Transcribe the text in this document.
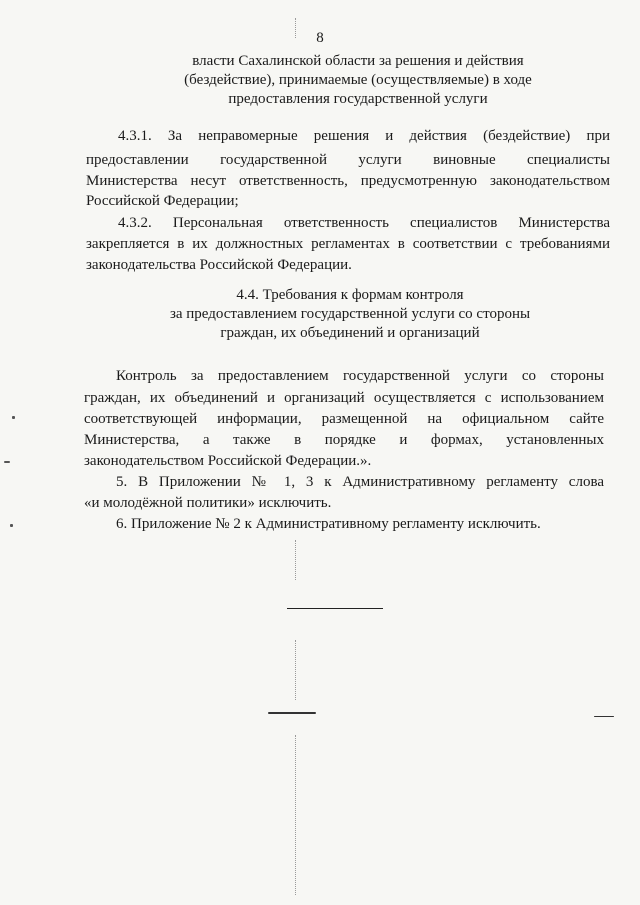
8
власти Сахалинской области за решения и действия
(бездействие), принимаемые (осуществляемые) в ходе
предоставления государственной услуги
4.3.1. За неправомерные решения и действия (бездействие) при
предоставлении государственной услуги виновные специалисты
Министерства несут ответственность, предусмотренную законодательством
Российской Федерации;
4.3.2. Персональная ответственность специалистов Министерства
закрепляется в их должностных регламентах в соответствии с требованиями
законодательства Российской Федерации.
4.4. Требования к формам контроля
за предоставлением государственной услуги со стороны
граждан, их объединений и организаций
Контроль за предоставлением государственной услуги со стороны
граждан, их объединений и организаций осуществляется с использованием
соответствующей информации, размещенной на официальном сайте
Министерства, а также в порядке и формах, установленных
законодательством Российской Федерации.».
5. В Приложении № 1, 3 к Административному регламенту слова
«и молодёжной политики» исключить.
6. Приложение № 2 к Административному регламенту исключить.
